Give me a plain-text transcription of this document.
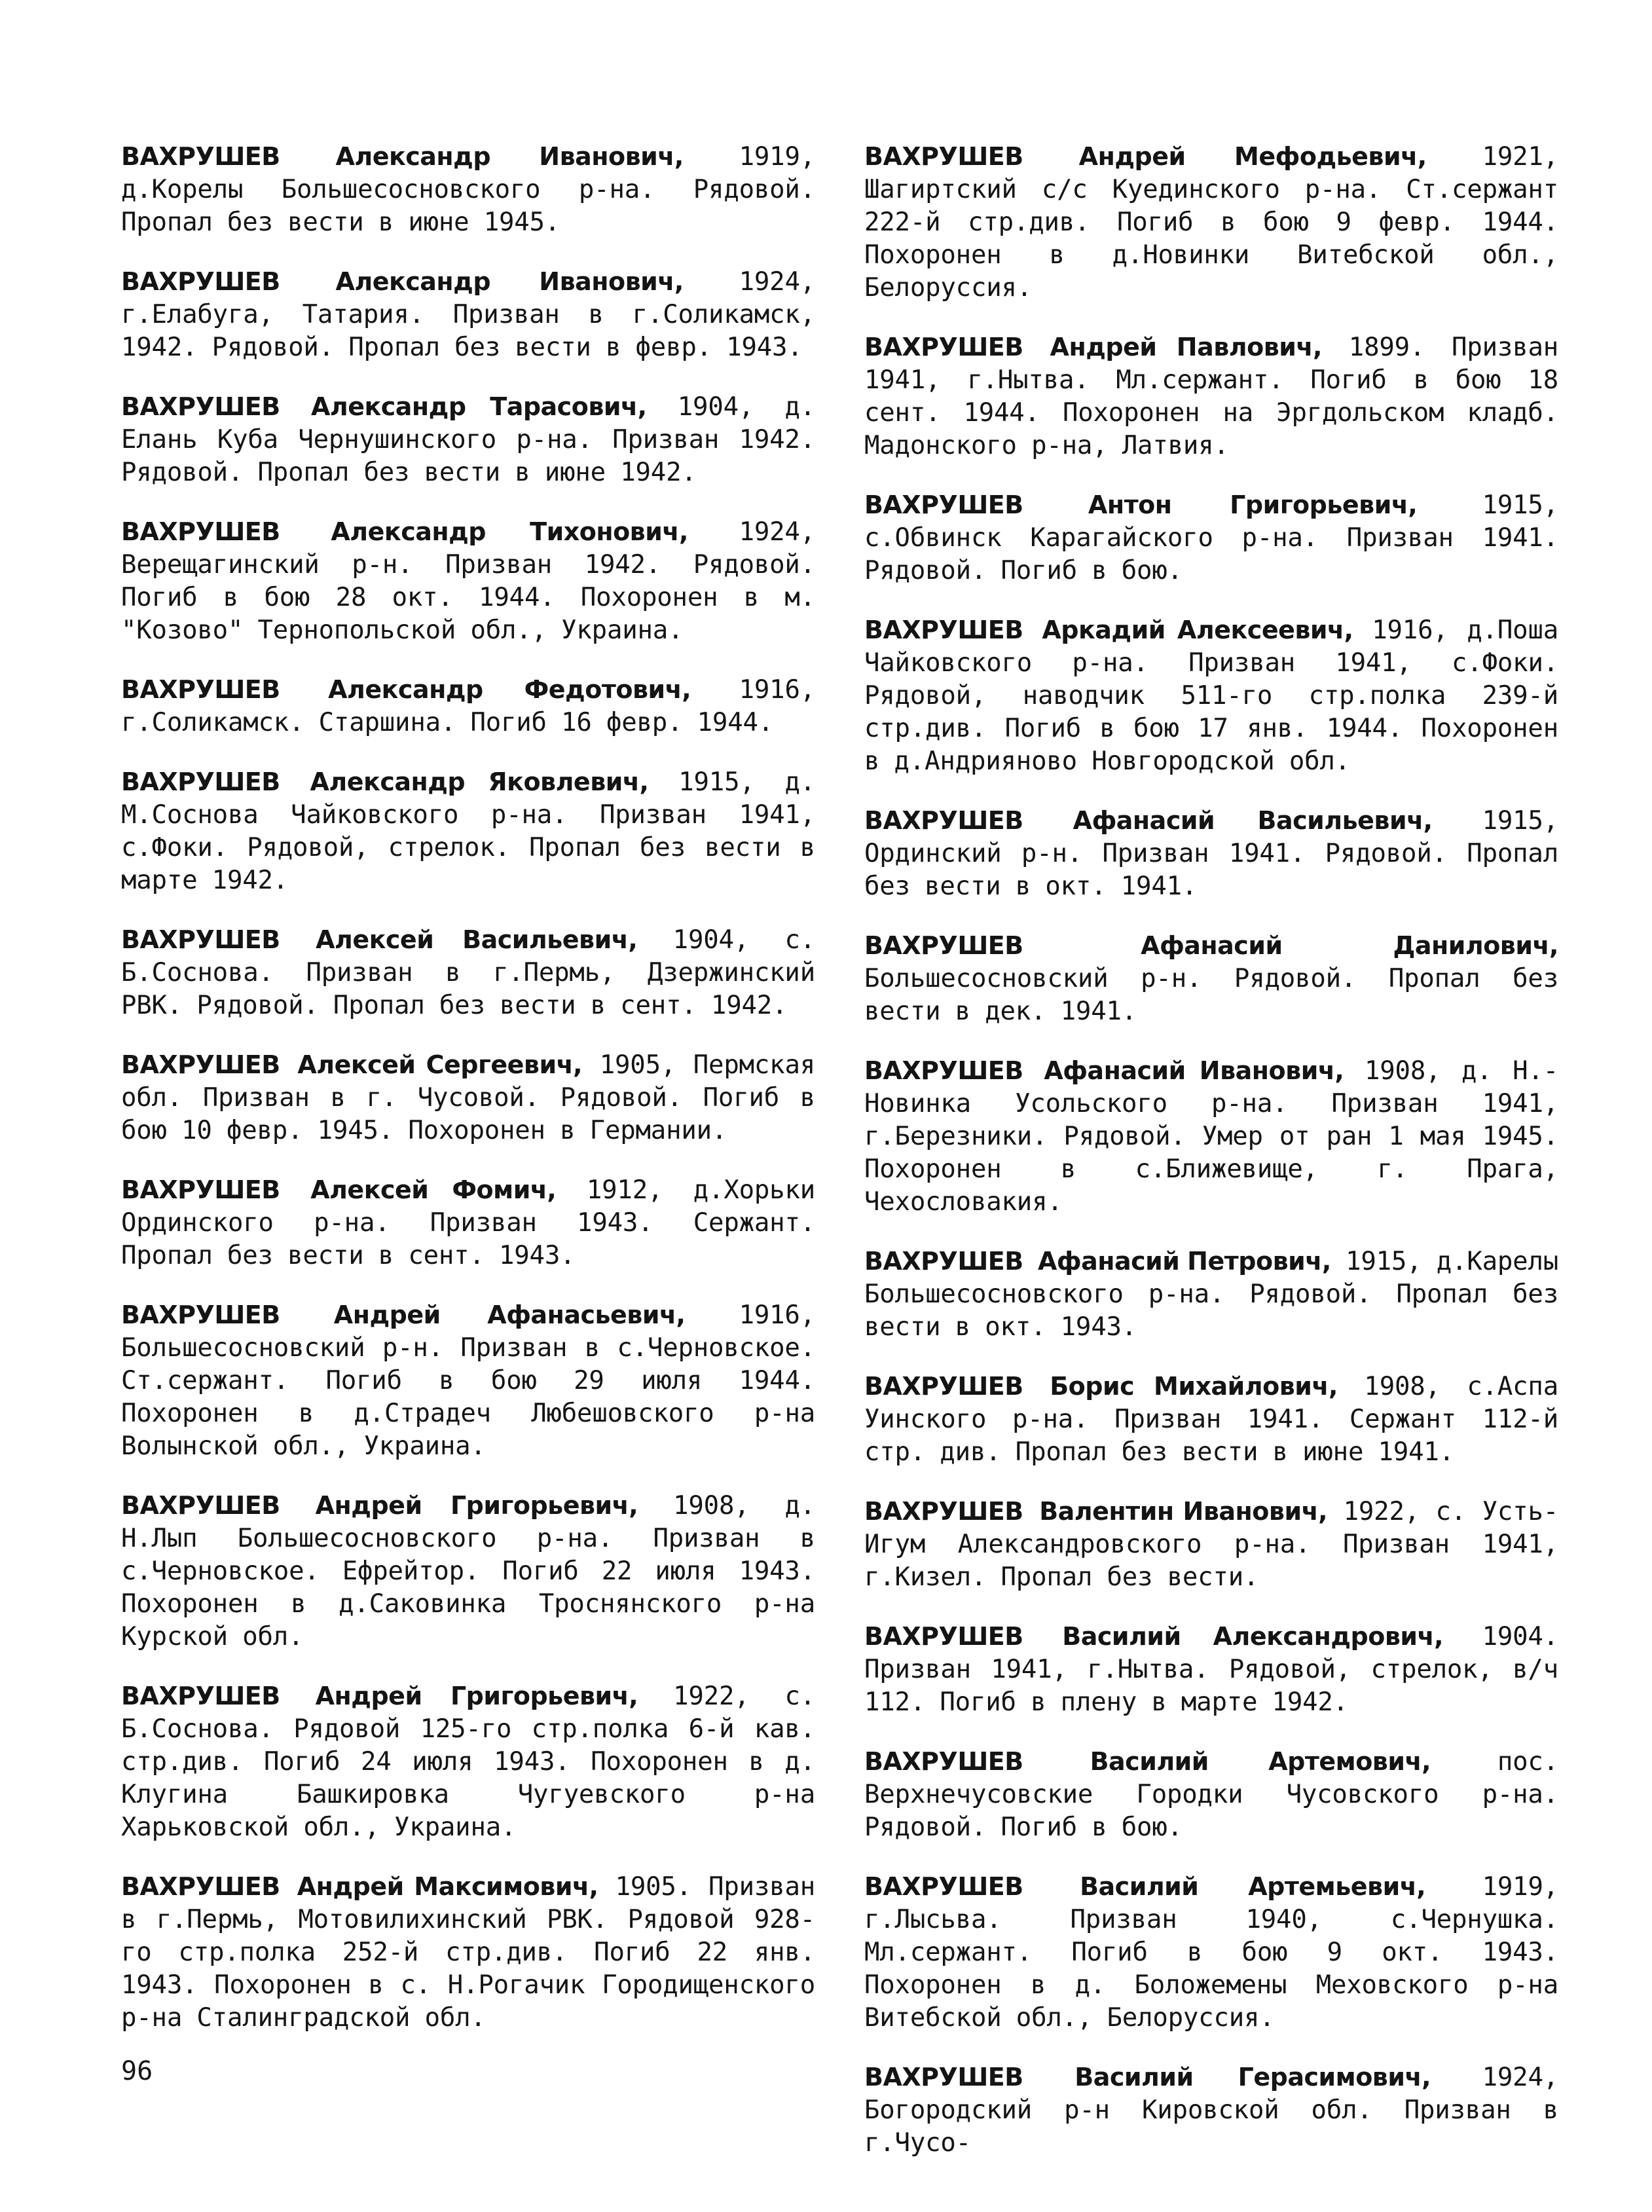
ВАХРУШЕВ Александр Иванович, 1919, д.Корелы Большесосновского р-на. Рядовой. Пропал без вести в июне 1945.

ВАХРУШЕВ Александр Иванович, 1924, г.Елабуга, Татария. Призван в г.Соликамск, 1942. Рядовой. Пропал без вести в февр. 1943.

ВАХРУШЕВ Александр Тарасович, 1904, д. Елань Куба Чернушинского р-на. Призван 1942. Рядовой. Пропал без вести в июне 1942.

ВАХРУШЕВ Александр Тихонович, 1924, Верещагинский р-н. Призван 1942. Рядовой. Погиб в бою 28 окт. 1944. Похоронен в м. "Козово" Тернопольской обл., Украина.

ВАХРУШЕВ Александр Федотович, 1916, г.Соликамск. Старшина. Погиб 16 февр. 1944.

ВАХРУШЕВ Александр Яковлевич, 1915, д. М.Соснова Чайковского р-на. Призван 1941, с.Фоки. Рядовой, стрелок. Пропал без вести в марте 1942.

ВАХРУШЕВ Алексей Васильевич, 1904, с. Б.Соснова. Призван в г.Пермь, Дзержинский РВК. Рядовой. Пропал без вести в сент. 1942.

ВАХРУШЕВ Алексей Сергеевич, 1905, Пермская обл. Призван в г. Чусовой. Рядовой. Погиб в бою 10 февр. 1945. Похоронен в Германии.

ВАХРУШЕВ Алексей Фомич, 1912, д.Хорьки Ординского р-на. Призван 1943. Сержант. Пропал без вести в сент. 1943.

ВАХРУШЕВ Андрей Афанасьевич, 1916, Большесосновский р-н. Призван в с.Черновское. Ст.сержант. Погиб в бою 29 июля 1944. Похоронен в д.Страдеч Любешовского р-на Волынской обл., Украина.

ВАХРУШЕВ Андрей Григорьевич, 1908, д. Н.Лып Большесосновского р-на. Призван в с.Черновское. Ефрейтор. Погиб 22 июля 1943. Похоронен в д.Саковинка Троснянского р-на Курской обл.

ВАХРУШЕВ Андрей Григорьевич, 1922, с. Б.Соснова. Рядовой 125-го стр.полка 6-й кав. стр.див. Погиб 24 июля 1943. Похоронен в д. Клугина Башкировка Чугуевского р-на Харьковской обл., Украина.

ВАХРУШЕВ Андрей Максимович, 1905. Призван в г.Пермь, Мотовилихинский РВК. Рядовой 928-го стр.полка 252-й стр.див. Погиб 22 янв. 1943. Похоронен в с. Н.Рогачик Городищенского р-на Сталинградской обл.

ВАХРУШЕВ Андрей Мефодьевич, 1921, Шагиртский с/с Куединского р-на. Ст.сержант 222-й стр.див. Погиб в бою 9 февр. 1944. Похоронен в д.Новинки Витебской обл., Белоруссия.

ВАХРУШЕВ Андрей Павлович, 1899. Призван 1941, г.Нытва. Мл.сержант. Погиб в бою 18 сент. 1944. Похоронен на Эргдольском кладб. Мадонского р-на, Латвия.

ВАХРУШЕВ	Антон Григорьевич,	1915, с.Обвинск Карагайского р-на. Призван 1941. Рядовой. Погиб в бою.

ВАХРУШЕВ Аркадий Алексеевич, 1916, д.Поша Чайковского р-на. Призван 1941, с.Фоки. Рядовой, наводчик 511-го стр.полка 239-й стр.див. Погиб в бою 17 янв. 1944. Похоронен в д.Андрияново Новгородской обл.

ВАХРУШЕВ Афанасий Васильевич, 1915, Ординский р-н. Призван 1941. Рядовой. Пропал без вести в окт. 1941.

ВАХРУШЕВ	Афанасий Данилович, Большесосновский р-н. Рядовой. Пропал без вести в дек. 1941.

ВАХРУШЕВ Афанасий Иванович, 1908, д. Н.-Новинка Усольского р-на. Призван 1941, г.Березники. Рядовой. Умер от ран 1 мая 1945. Похоронен в с.Ближевище, г. Прага, Чехословакия.

ВАХРУШЕВ Афанасий Петрович, 1915, д.Карелы Большесосновского р-на. Рядовой. Пропал без вести в окт. 1943.

ВАХРУШЕВ Борис Михайлович, 1908, с.Аспа Уинского р-на. Призван 1941. Сержант 112-й стр. див. Пропал без вести в июне 1941.

ВАХРУШЕВ Валентин Иванович, 1922, с. Усть-Игум Александровского р-на. Призван 1941, г.Кизел. Пропал без вести.

ВАХРУШЕВ Василий Александрович, 1904. Призван 1941, г.Нытва. Рядовой, стрелок, в/ч 112. Погиб в плену в марте 1942.

ВАХРУШЕВ	Василий Артемович,	пос. Верхнечусовские Городки Чусовского р-на. Рядовой. Погиб в бою.

ВАХРУШЕВ Василий Артемьевич, 1919, г.Лысьва. Призван 1940, с.Чернушка. Мл.сержант. Погиб в бою 9 окт. 1943. Похоронен в д. Боложемены Меховского р-на Витебской обл., Белоруссия.

ВАХРУШЕВ Василий Герасимович, 1924, Богородский р-н Кировской обл. Призван в г.Чусо-

96
